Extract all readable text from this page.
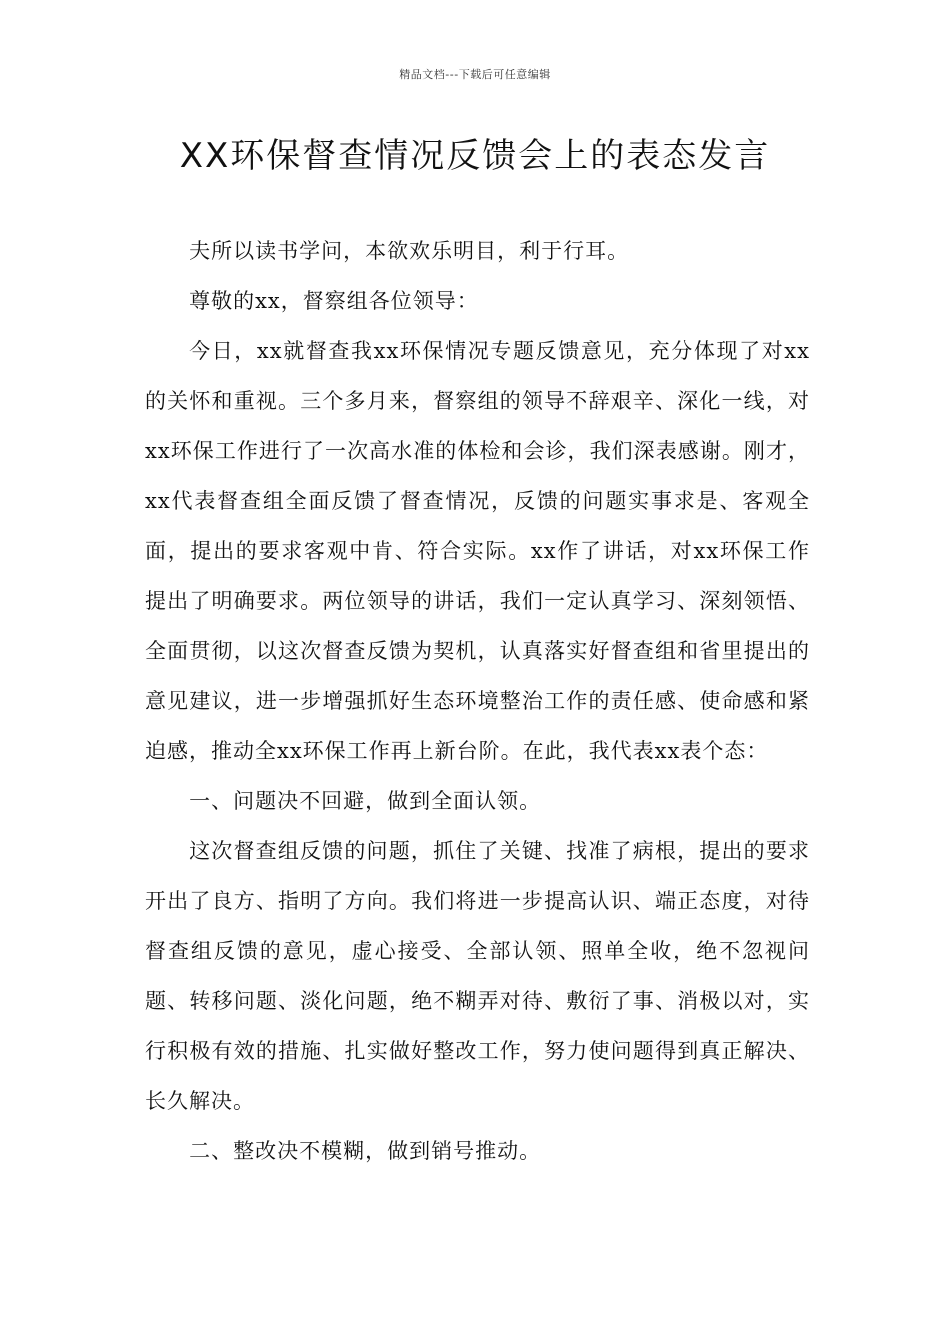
精品文档---下载后可任意编辑
XX环保督查情况反馈会上的表态发言

夫所以读书学问，本欲欢乐明目，利于行耳。

尊敬的xx，督察组各位领导：

今日，xx就督查我xx环保情况专题反馈意见，充分体现了对xx的关怀和重视。三个多月来，督察组的领导不辞艰辛、深化一线，对xx环保工作进行了一次高水准的体检和会诊，我们深表感谢。刚才，xx代表督查组全面反馈了督查情况，反馈的问题实事求是、客观全面，提出的要求客观中肯、符合实际。xx作了讲话，对xx环保工作提出了明确要求。两位领导的讲话，我们一定认真学习、深刻领悟、全面贯彻，以这次督查反馈为契机，认真落实好督查组和省里提出的意见建议，进一步增强抓好生态环境整治工作的责任感、使命感和紧迫感，推动全xx环保工作再上新台阶。在此，我代表xx表个态：

一、问题决不回避，做到全面认领。

这次督查组反馈的问题，抓住了关键、找准了病根，提出的要求开出了良方、指明了方向。我们将进一步提高认识、端正态度，对待督查组反馈的意见，虚心接受、全部认领、照单全收，绝不忽视问题、转移问题、淡化问题，绝不糊弄对待、敷衍了事、消极以对，实行积极有效的措施、扎实做好整改工作，努力使问题得到真正解决、长久解决。

二、整改决不模糊，做到销号推动。
